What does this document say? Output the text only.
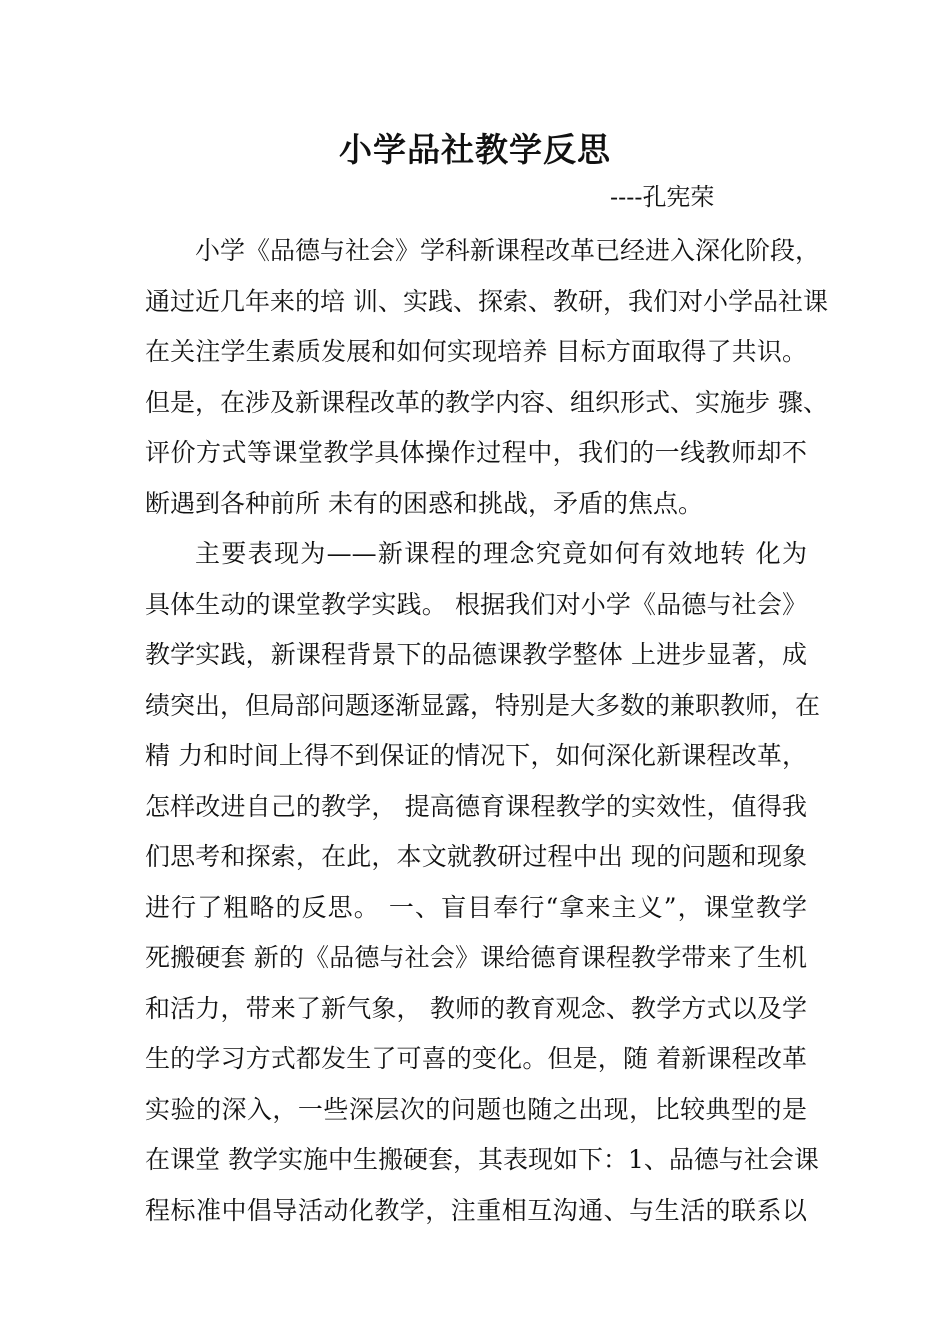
小学品社教学反思
----孔宪荣
小学《品德与社会》学科新课程改革已经进入深化阶段，
通过近几年来的培 训、实践、探索、教研，我们对小学品社课
在关注学生素质发展和如何实现培养 目标方面取得了共识。
但是，在涉及新课程改革的教学内容、组织形式、实施步 骤、
评价方式等课堂教学具体操作过程中，我们的一线教师却不
断遇到各种前所 未有的困惑和挑战，矛盾的焦点。
主要表现为——新课程的理念究竟如何有效地转 化为
具体生动的课堂教学实践。 根据我们对小学《品德与社会》
教学实践，新课程背景下的品德课教学整体 上进步显著，成
绩突出，但局部问题逐渐显露，特别是大多数的兼职教师，在
精 力和时间上得不到保证的情况下，如何深化新课程改革，
怎样改进自己的教学， 提高德育课程教学的实效性，值得我
们思考和探索，在此，本文就教研过程中出 现的问题和现象
进行了粗略的反思。 一、盲目奉行“拿来主义”，课堂教学
死搬硬套 新的《品德与社会》课给德育课程教学带来了生机
和活力，带来了新气象， 教师的教育观念、教学方式以及学
生的学习方式都发生了可喜的变化。但是，随 着新课程改革
实验的深入，一些深层次的问题也随之出现，比较典型的是
在课堂 教学实施中生搬硬套，其表现如下：1、品德与社会课
程标准中倡导活动化教学，注重相互沟通、与生活的联系以
